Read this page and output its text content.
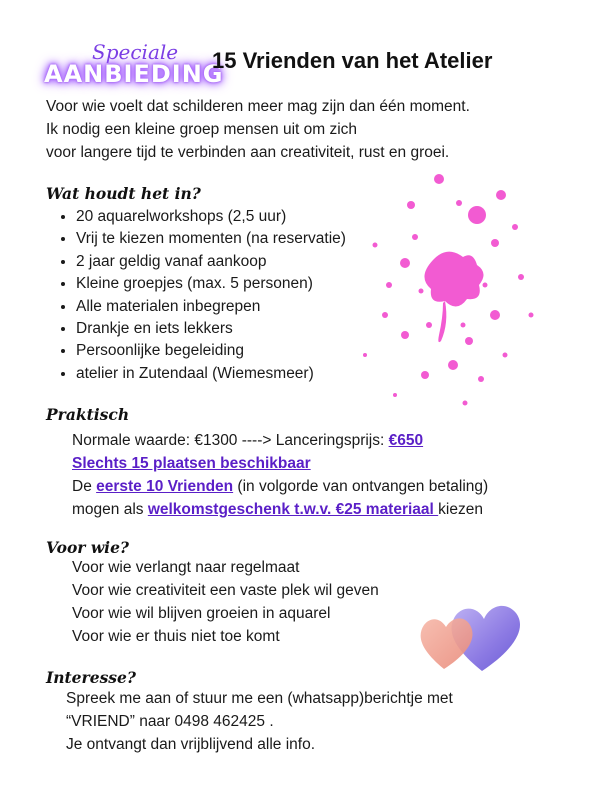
Speciale
AANBIEDING
15 Vrienden van het Atelier
Voor wie voelt dat schilderen meer mag zijn dan één moment.
Ik nodig een kleine groep mensen uit om zich
voor langere tijd te verbinden aan creativiteit, rust en groei.
Wat houdt het in?
• 20 aquarelworkshops (2,5 uur)
• Vrij te kiezen momenten (na reservatie)
• 2 jaar geldig vanaf aankoop
• Kleine groepjes (max. 5 personen)
• Alle materialen inbegrepen
• Drankje en iets lekkers
• Persoonlijke begeleiding
• atelier in Zutendaal (Wiemesmeer)
Praktisch
Normale waarde: €1300 ----> Lanceringsprijs: €650
Slechts 15 plaatsen beschikbaar
De eerste 10 Vrienden (in volgorde van ontvangen betaling)
mogen als welkomstgeschenk t.w.v. €25 materiaal kiezen
Voor wie?
Voor wie verlangt naar regelmaat
Voor wie creativiteit een vaste plek wil geven
Voor wie wil blijven groeien in aquarel
Voor wie er thuis niet toe komt
Interesse?
Spreek me aan of stuur me een (whatsapp)berichtje met
“VRIEND” naar 0498 462425 .
Je ontvangt dan vrijblijvend alle info.
